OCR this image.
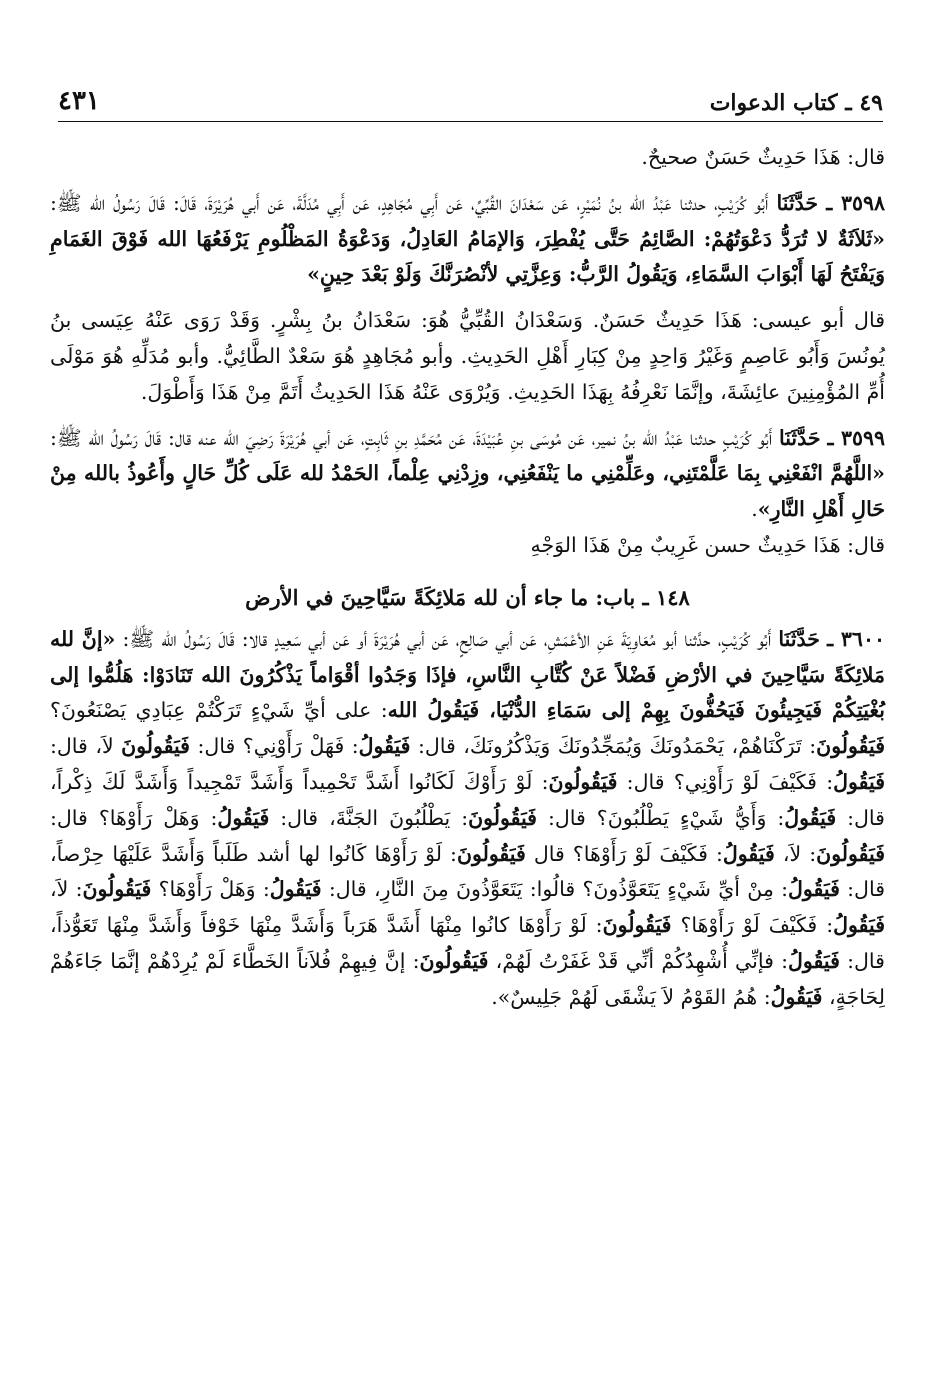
٤٩ ـ كتاب الدعوات
٤٣١

قال: هَذَا حَدِيثٌ حَسَنٌ صحيحٌ.

٣٥٩٨ ـ حَدَّثَنَا أَبُو كُرَيْبٍ، حدثنا عَبْدُ الله بنُ نُمَيْرٍ، عَن سَعْدَانَ القُبِّيِّ، عَن أَبِي مُجَاهِدٍ، عَن أَبِي مُدَلَّةَ، عَن أَبي هُرَيْرَةَ، قَالَ: قَالَ رَسُولُ الله ﷺ: «ثَلاَثَةٌ لا تُرَدُّ دَعْوَتُهُمْ: الصَّائِمُ حَتَّى يُفْطِرَ، وَالإمَامُ العَادِلُ، وَدَعْوَةُ المَظْلُومِ يَرْفَعُهَا الله فَوْقَ الغَمَامِ وَيَفْتَحُ لَهَا أَبْوَابَ السَّمَاءِ، وَيَقُولُ الرَّبُّ: وَعِزَّتِي لأنْصُرَنَّكَ وَلَوْ بَعْدَ حِينٍ»

قال أبو عيسى: هَذَا حَدِيثٌ حَسَنٌ. وَسَعْدَانُ القُبِّيُّ هُوَ: سَعْدَانُ بنُ بِشْرٍ. وَقَدْ رَوَى عَنْهُ عِيَسى بنُ يُونُسَ وَأَبُو عَاصِمٍ وَغَيْرُ وَاحِدٍ مِنْ كِبَارِ أَهْلِ الحَدِيثِ. وأبو مُجَاهِدٍ هُوَ سَعْدٌ الطَّائِيُّ. وأبو مُدَلِّهِ هُوَ مَوْلَى أُمِّ المُؤْمِنِينَ عائِشَةَ، وإنَّمَا نَعْرِفُهُ بِهَذَا الحَدِيثِ. وَيُرْوَى عَنْهُ هَذَا الحَدِيثُ أَتَمَّ مِنْ هَذَا وَأَطْوَلَ.

٣٥٩٩ ـ حَدَّثَنَا أَبُو كُرَيْبٍ حدثنا عَبْدُ الله بنُ نمير، عَن مُوسَى بنِ عُبَيْدَةَ، عَن مُحَمَّدِ بنِ ثَابِتٍ، عَن أبي هُرَيْرَةَ رَضِيَ الله عنه قال: قَالَ رَسُولُ الله ﷺ: «اللَّهُمَّ انْفَعْنِي بِمَا عَلَّمْتَنِي، وعَلِّمْنِي ما يَنْفَعُنِي، وزِدْنِي عِلْماً، الحَمْدُ لله عَلَى كُلِّ حَالٍ وأَعُوذُ بالله مِنْ حَالِ أَهْلِ النَّارِ».

قال: هَذَا حَدِيثٌ حسن غَرِيبٌ مِنْ هَذَا الوَجْهِ

١٤٨ ـ باب: ما جاء أن لله مَلائِكَةً سَيَّاحِينَ في الأرض

٣٦٠٠ ـ حَدَّثَنَا أَبُو كُرَيْبٍ، حدَّثنا أبو مُعَاوِيَةَ عَنِ الأعْمَشِ، عَن أبي صَالِحٍ، عَن أبي هُرَيْرَةَ أو عَن أبي سَعِيدٍ قالا: قَالَ رَسُولُ الله ﷺ: «إنَّ لله مَلائِكَةً سَيَّاحِينَ في الأرْضِ فَضْلاً عَنْ كُتَّابِ النَّاسِ، فإذَا وَجَدُوا أقْوَاماً يَذْكُرُونَ الله تَنَادَوْا: هَلُمُّوا إلى بُغْيَتِكُمْ فَيَجِيئُونَ فَيَحُفُّونَ بِهِمْ إلى سَمَاءِ الدُّنْيَا، فَيَقُولُ الله: على أيِّ شَيْءٍ تَرَكْتُمْ عِبَادِي يَصْنَعُونَ؟ فَيَقُولُونَ: تَرَكْنَاهُمْ، يَحْمَدُونَكَ وَيُمَجِّدُونَكَ وَيَذْكُرُونَكَ، قال: فَيَقُولُ: فَهَلْ رَأَوْنِي؟ قال: فَيَقُولُونَ لاَ، قال: فَيَقُولُ: فَكَيْفَ لَوْ رَأَوْنِي؟ قال: فَيَقُولُونَ: لَوْ رَأَوْكَ لَكَانُوا أَشَدَّ تَحْمِيداً وَأَشَدَّ تَمْجِيداً وَأَشَدَّ لَكَ ذِكْراً، قال: فَيَقُولُ: وَأَيُّ شَيْءٍ يَطْلُبُونَ؟ قال: فَيَقُولُونَ: يَطْلُبُونَ الجَنَّةَ، قال: فَيَقُولُ: وَهَلْ رَأَوْهَا؟ قال: فَيَقُولُونَ: لاَ، فَيَقُولُ: فَكَيْفَ لَوْ رَأَوْهَا؟ قال فَيَقُولُونَ: لَوْ رَأَوْهَا كَانُوا لها أشد طَلَباً وَأَشَدَّ عَلَيْهَا حِرْصاً، قال: فَيَقُولُ: مِنْ أيِّ شَيْءٍ يَتَعَوَّذُونَ؟ قالُوا: يَتَعَوَّذُونَ مِنَ النَّارِ، قال: فَيَقُولُ: وَهَلْ رَأَوْهَا؟ فَيَقُولُونَ: لاَ، فَيَقُولُ: فَكَيْفَ لَوْ رَأَوْهَا؟ فَيَقُولُونَ: لَوْ رَأَوْهَا كانُوا مِنْهَا أَشَدَّ هَرَباً وَأَشَدَّ مِنْهَا خَوْفاً وَأَشَدَّ مِنْهَا تَعَوُّذاً، قال: فَيَقُولُ: فإنِّي أُشْهِدُكُمْ أنِّي قَدْ غَفَرْتُ لَهُمْ، فَيَقُولُونَ: إنَّ فِيهِمْ فُلاَناً الخَطَّاءَ لَمْ يُرِدْهُمْ إنَّمَا جَاءَهُمْ لِحَاجَةٍ، فَيَقُولُ: هُمُ القَوْمُ لاَ يَشْقَى لَهُمْ جَلِيسٌ».
